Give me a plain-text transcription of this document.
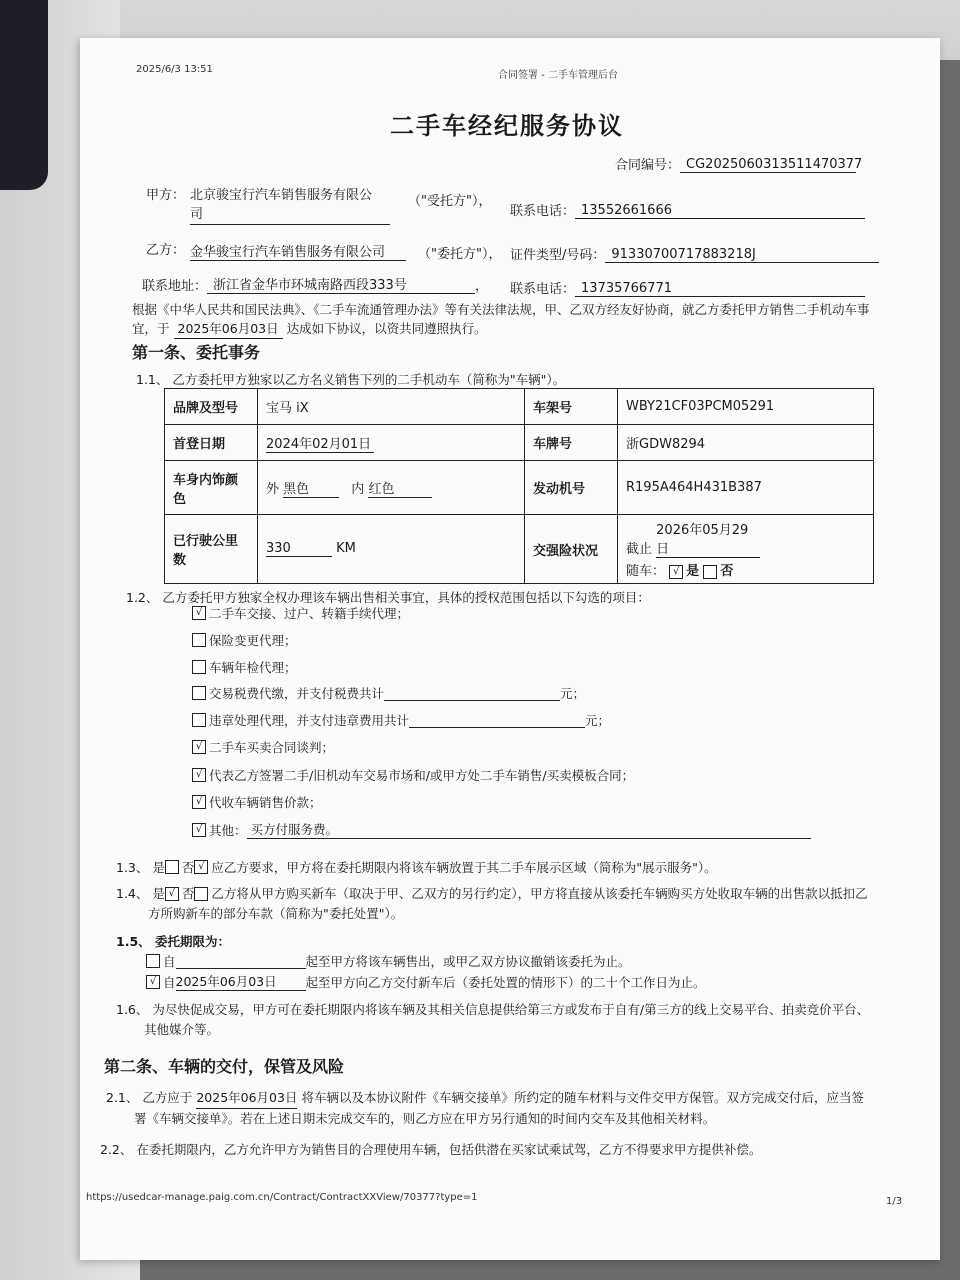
2025/6/3 13:51
合同签署 - 二手车管理后台
二手车经纪服务协议
合同编号： CG2025060313511470377
甲方： 北京骏宝行汽车销售服务有限公
司
（"受托方"），
联系电话： 13552661666
乙方： 金华骏宝行汽车销售服务有限公司	（"委托方"）， 证件类型/号码： 91330700717883218J
联系地址： 浙江省金华市环城南路西段333号	， 联系电话： 13735766771
根据《中华人民共和国民法典》、《二手车流通管理办法》等有关法律法规，甲、乙双方经友好协商，就乙方委托甲方销售二手机动车事
宜，于 2025年06月03日 达成如下协议，以资共同遵照执行。
第一条、委托事务
1.1、 乙方委托甲方独家以乙方名义销售下列的二手机动车（简称为"车辆"）。
品牌及型号	宝马 iX	车架号	WBY21CF03PCM05291
首登日期	2024年02月01日	车牌号	浙GDW8294
车身内饰颜色	外 黑色 内 红色	发动机号	R195A464H431B387
已行驶公里数	330 KM	交强险状况	截止 2026年05月29日
随车： √ 是 否
1.2、 乙方委托甲方独家全权办理该车辆出售相关事宜，具体的授权范围包括以下勾选的项目：
√ 二手车交接、过户、转籍手续代理；
保险变更代理；
车辆年检代理；
交易税费代缴，并支付税费共计	元；
违章处理代理，并支付违章费用共计	元；
√ 二手车买卖合同谈判；
√ 代表乙方签署二手/旧机动车交易市场和/或甲方处二手车销售/买卖模板合同；
√ 代收车辆销售价款；
√ 其他： 买方付服务费。
1.3、 是 否 √ 应乙方要求，甲方将在委托期限内将该车辆放置于其二手车展示区域（简称为"展示服务"）。
1.4、 是 √ 否 乙方将从甲方购买新车（取决于甲、乙双方的另行约定），甲方将直接从该委托车辆购买方处收取车辆的出售款以抵扣乙
方所购新车的部分车款（简称为"委托处置"）。
1.5、 委托期限为：
自	起至甲方将该车辆售出，或甲乙双方协议撤销该委托为止。
√ 自 2025年06月03日	起至甲方向乙方交付新车后（委托处置的情形下）的二十个工作日为止。
1.6、 为尽快促成交易，甲方可在委托期限内将该车辆及其相关信息提供给第三方或发布于自有/第三方的线上交易平台、拍卖竞价平台、
其他媒介等。
第二条、车辆的交付，保管及风险
2.1、 乙方应于 2025年06月03日 将车辆以及本协议附件《车辆交接单》所约定的随车材料与文件交甲方保管。双方完成交付后，应当签
署《车辆交接单》。若在上述日期未完成交车的，则乙方应在甲方另行通知的时间内交车及其他相关材料。
2.2、 在委托期限内，乙方允许甲方为销售目的合理使用车辆，包括供潜在买家试乘试驾，乙方不得要求甲方提供补偿。
https://usedcar-manage.paig.com.cn/Contract/ContractXXView/70377?type=1	1/3
